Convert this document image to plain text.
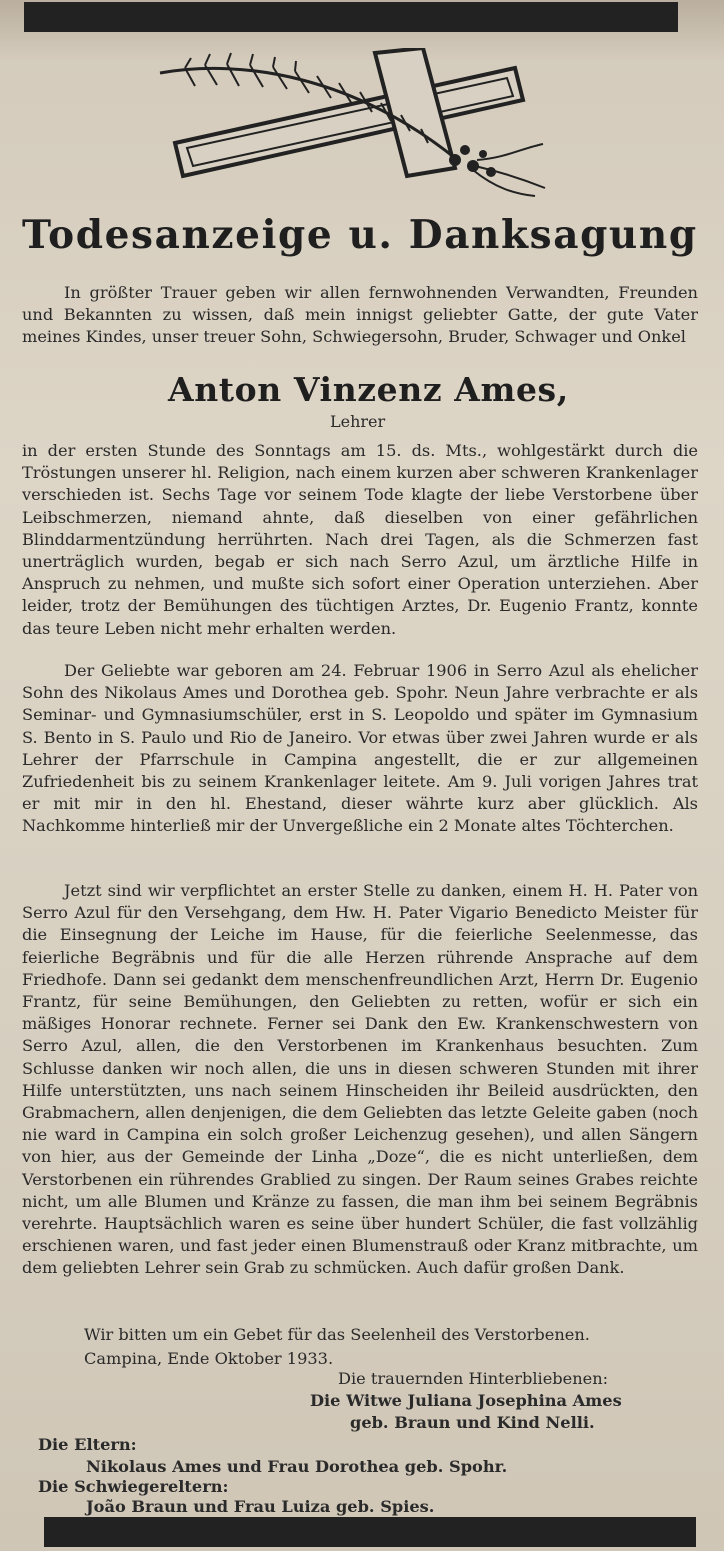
Todesanzeige u. Danksagung
In größter Trauer geben wir allen fernwohnenden Verwandten, Freunden und Bekannten zu wissen, daß mein innigst geliebter Gatte, der gute Vater meines Kindes, unser treuer Sohn, Schwiegersohn, Bruder, Schwager und Onkel
Anton Vinzenz Ames,
Lehrer
in der ersten Stunde des Sonntags am 15. ds. Mts., wohlgestärkt durch die Tröstungen unserer hl. Religion, nach einem kurzen aber schweren Krankenlager verschieden ist. Sechs Tage vor seinem Tode klagte der liebe Verstorbene über Leibschmerzen, niemand ahnte, daß dieselben von einer gefährlichen Blinddarmentzündung herrührten. Nach drei Tagen, als die Schmerzen fast unerträglich wurden, begab er sich nach Serro Azul, um ärztliche Hilfe in Anspruch zu nehmen, und mußte sich sofort einer Operation unterziehen. Aber leider, trotz der Bemühungen des tüchtigen Arztes, Dr. Eugenio Frantz, konnte das teure Leben nicht mehr erhalten werden.
Der Geliebte war geboren am 24. Februar 1906 in Serro Azul als ehelicher Sohn des Nikolaus Ames und Dorothea geb. Spohr. Neun Jahre verbrachte er als Seminar- und Gymnasiumschüler, erst in S. Leopoldo und später im Gymnasium S. Bento in S. Paulo und Rio de Janeiro. Vor etwas über zwei Jahren wurde er als Lehrer der Pfarrschule in Campina angestellt, die er zur allgemeinen Zufriedenheit bis zu seinem Krankenlager leitete. Am 9. Juli vorigen Jahres trat er mit mir in den hl. Ehestand, dieser währte kurz aber glücklich. Als Nachkomme hinterließ mir der Unvergeßliche ein 2 Monate altes Töchterchen.
Jetzt sind wir verpflichtet an erster Stelle zu danken, einem H. H. Pater von Serro Azul für den Versehgang, dem Hw. H. Pater Vigario Benedicto Meister für die Einsegnung der Leiche im Hause, für die feierliche Seelenmesse, das feierliche Begräbnis und für die alle Herzen rührende Ansprache auf dem Friedhofe. Dann sei gedankt dem menschenfreundlichen Arzt, Herrn Dr. Eugenio Frantz, für seine Bemühungen, den Geliebten zu retten, wofür er sich ein mäßiges Honorar rechnete. Ferner sei Dank den Ew. Krankenschwestern von Serro Azul, allen, die den Verstorbenen im Krankenhaus besuchten. Zum Schlusse danken wir noch allen, die uns in diesen schweren Stunden mit ihrer Hilfe unterstützten, uns nach seinem Hinscheiden ihr Beileid ausdrückten, den Grabmachern, allen denjenigen, die dem Geliebten das letzte Geleite gaben (noch nie ward in Campina ein solch großer Leichenzug gesehen), und allen Sängern von hier, aus der Gemeinde der Linha „Doze“, die es nicht unterließen, dem Verstorbenen ein rührendes Grablied zu singen. Der Raum seines Grabes reichte nicht, um alle Blumen und Kränze zu fassen, die man ihm bei seinem Begräbnis verehrte. Hauptsächlich waren es seine über hundert Schüler, die fast vollzählig erschienen waren, und fast jeder einen Blumenstrauß oder Kranz mitbrachte, um dem geliebten Lehrer sein Grab zu schmücken. Auch dafür großen Dank.
Wir bitten um ein Gebet für das Seelenheil des Verstorbenen.
Campina, Ende Oktober 1933.
Die trauernden Hinterbliebenen:
Die Witwe Juliana Josephina Ames
geb. Braun und Kind Nelli.
Die Eltern:
Nikolaus Ames und Frau Dorothea geb. Spohr.
Die Schwiegereltern:
João Braun und Frau Luiza geb. Spies.
